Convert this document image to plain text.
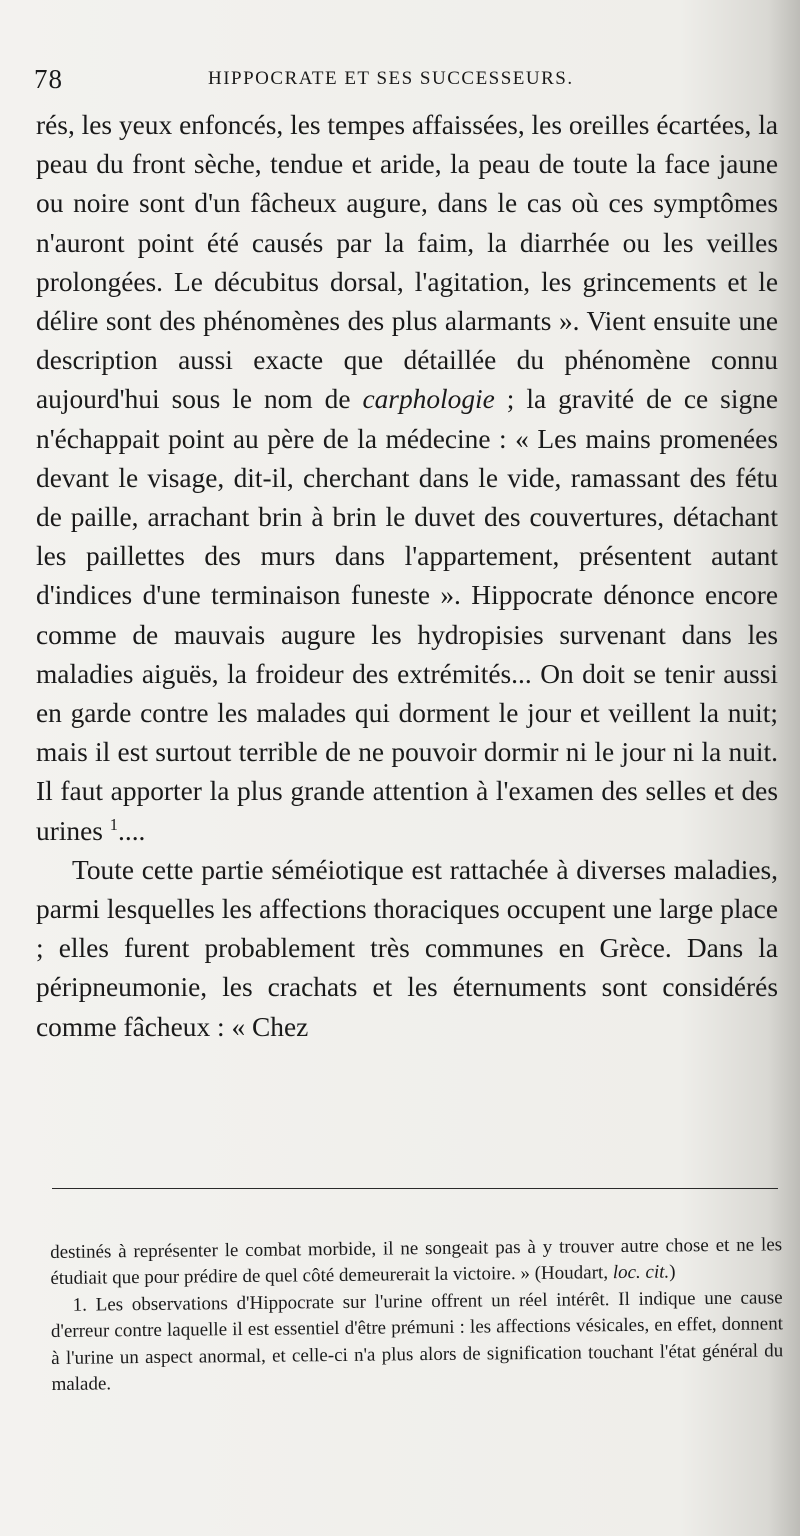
78	HIPPOCRATE ET SES SUCCESSEURS.

rés, les yeux enfoncés, les tempes affaissées, les oreilles écartées, la peau du front sèche, tendue et aride, la peau de toute la face jaune ou noire sont d'un fâcheux augure, dans le cas où ces symptômes n'auront point été causés par la faim, la diarrhée ou les veilles prolongées. Le décubitus dorsal, l'agitation, les grincements et le délire sont des phénomènes des plus alarmants ». Vient ensuite une description aussi exacte que détaillée du phénomène connu aujourd'hui sous le nom de carphologie ; la gravité de ce signe n'échappait point au père de la médecine : « Les mains promenées devant le visage, dit-il, cherchant dans le vide, ramassant des fétu de paille, arrachant brin à brin le duvet des couvertures, détachant les paillettes des murs dans l'appartement, présentent autant d'indices d'une terminaison funeste ». Hippocrate dénonce encore comme de mauvais augure les hydropisies survenant dans les maladies aiguës, la froideur des extrémités... On doit se tenir aussi en garde contre les malades qui dorment le jour et veillent la nuit; mais il est surtout terrible de ne pouvoir dormir ni le jour ni la nuit. Il faut apporter la plus grande attention à l'examen des selles et des urines $^1$....

Toute cette partie séméiotique est rattachée à diverses maladies, parmi lesquelles les affections thoraciques occupent une large place ; elles furent probablement très communes en Grèce. Dans la péripneumonie, les crachats et les éternuments sont considérés comme fâcheux : « Chez

destinés à représenter le combat morbide, il ne songeait pas à y trouver autre chose et ne les étudiait que pour prédire de quel côté demeurerait la victoire. » (Houdart, loc. cit.)

1. Les observations d'Hippocrate sur l'urine offrent un réel intérêt. Il indique une cause d'erreur contre laquelle il est essentiel d'être prémuni : les affections vésicales, en effet, donnent à l'urine un aspect anormal, et celle-ci n'a plus alors de signification touchant l'état général du malade.
